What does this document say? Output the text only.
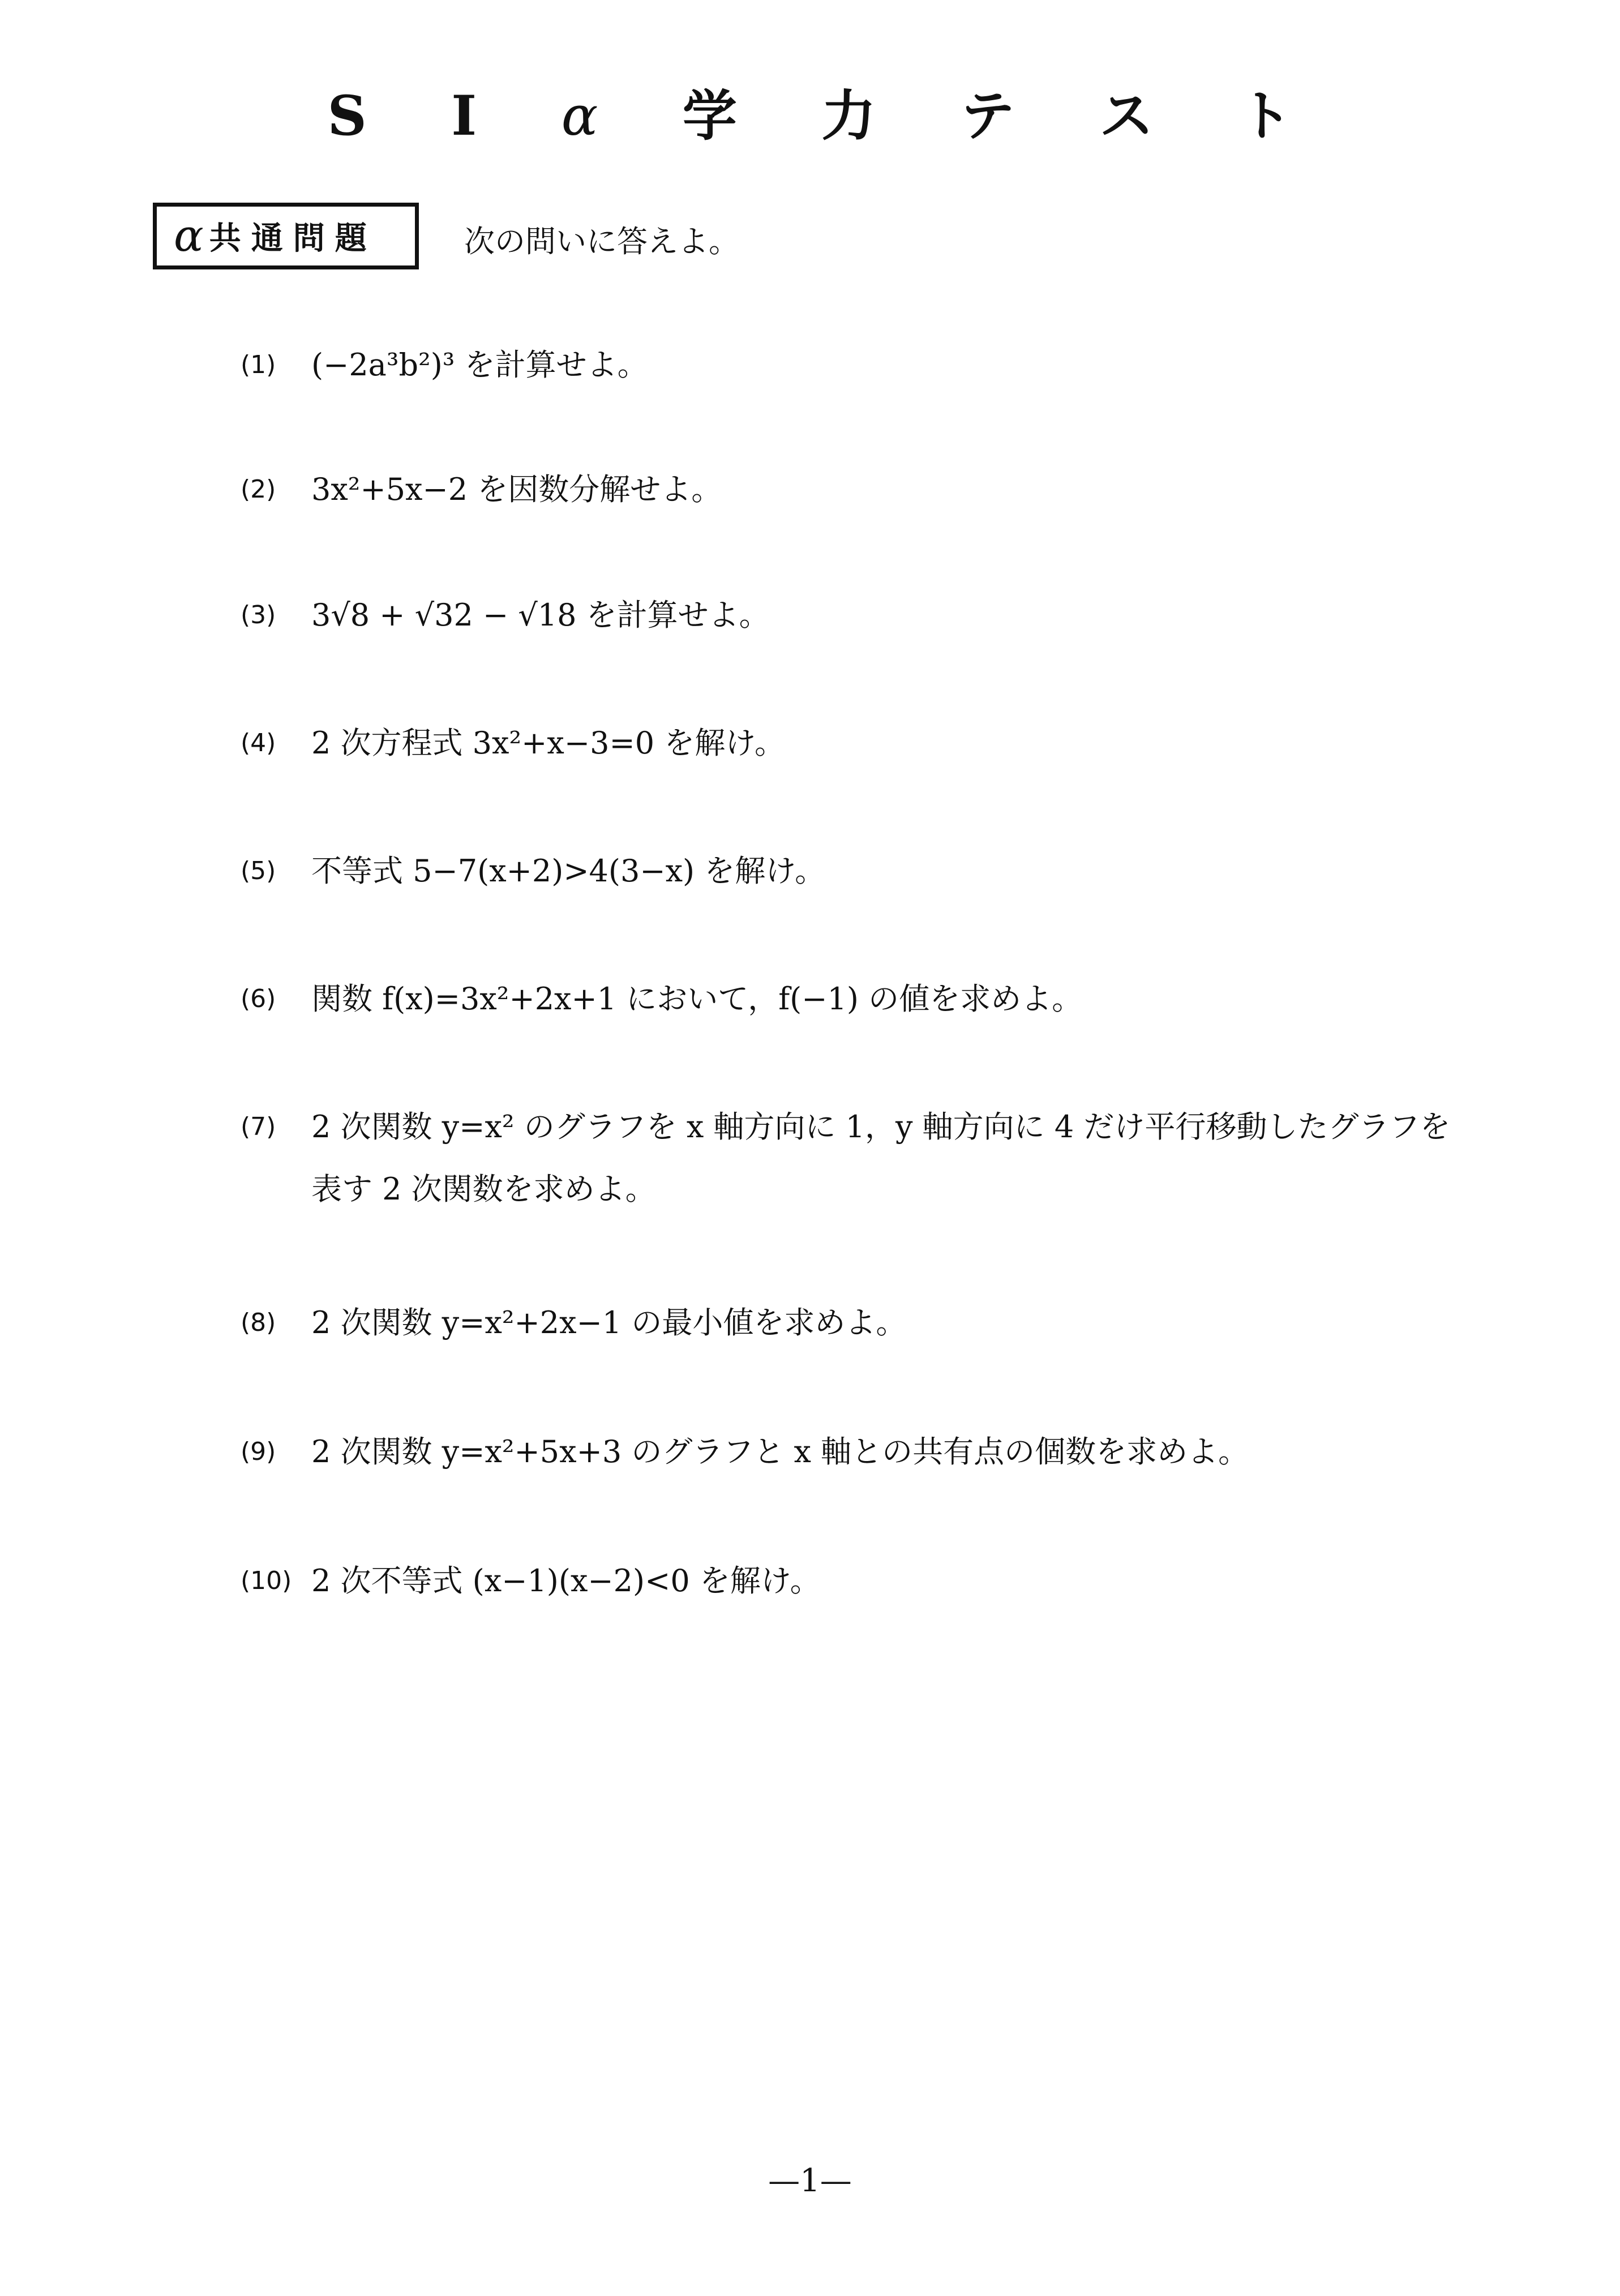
S I α 学 力 テ ス ト
α 共通問題	次の問いに答えよ。
(1)	(−2a³b²)³ を計算せよ。
(2)	3x²+5x−2 を因数分解せよ。
(3)	3√8 + √32 − √18 を計算せよ。
(4)	2 次方程式 3x²+x−3=0 を解け。
(5)	不等式 5−7(x+2)>4(3−x) を解け。
(6)	関数 f(x)=3x²+2x+1 において，f(−1) の値を求めよ。
(7)	2 次関数 y=x² のグラフを x 軸方向に 1，y 軸方向に 4 だけ平行移動したグラフを
表す 2 次関数を求めよ。
(8)	2 次関数 y=x²+2x−1 の最小値を求めよ。
(9)	2 次関数 y=x²+5x+3 のグラフと x 軸との共有点の個数を求めよ。
(10) 2 次不等式 (x−1)(x−2)<0 を解け。
—1—
